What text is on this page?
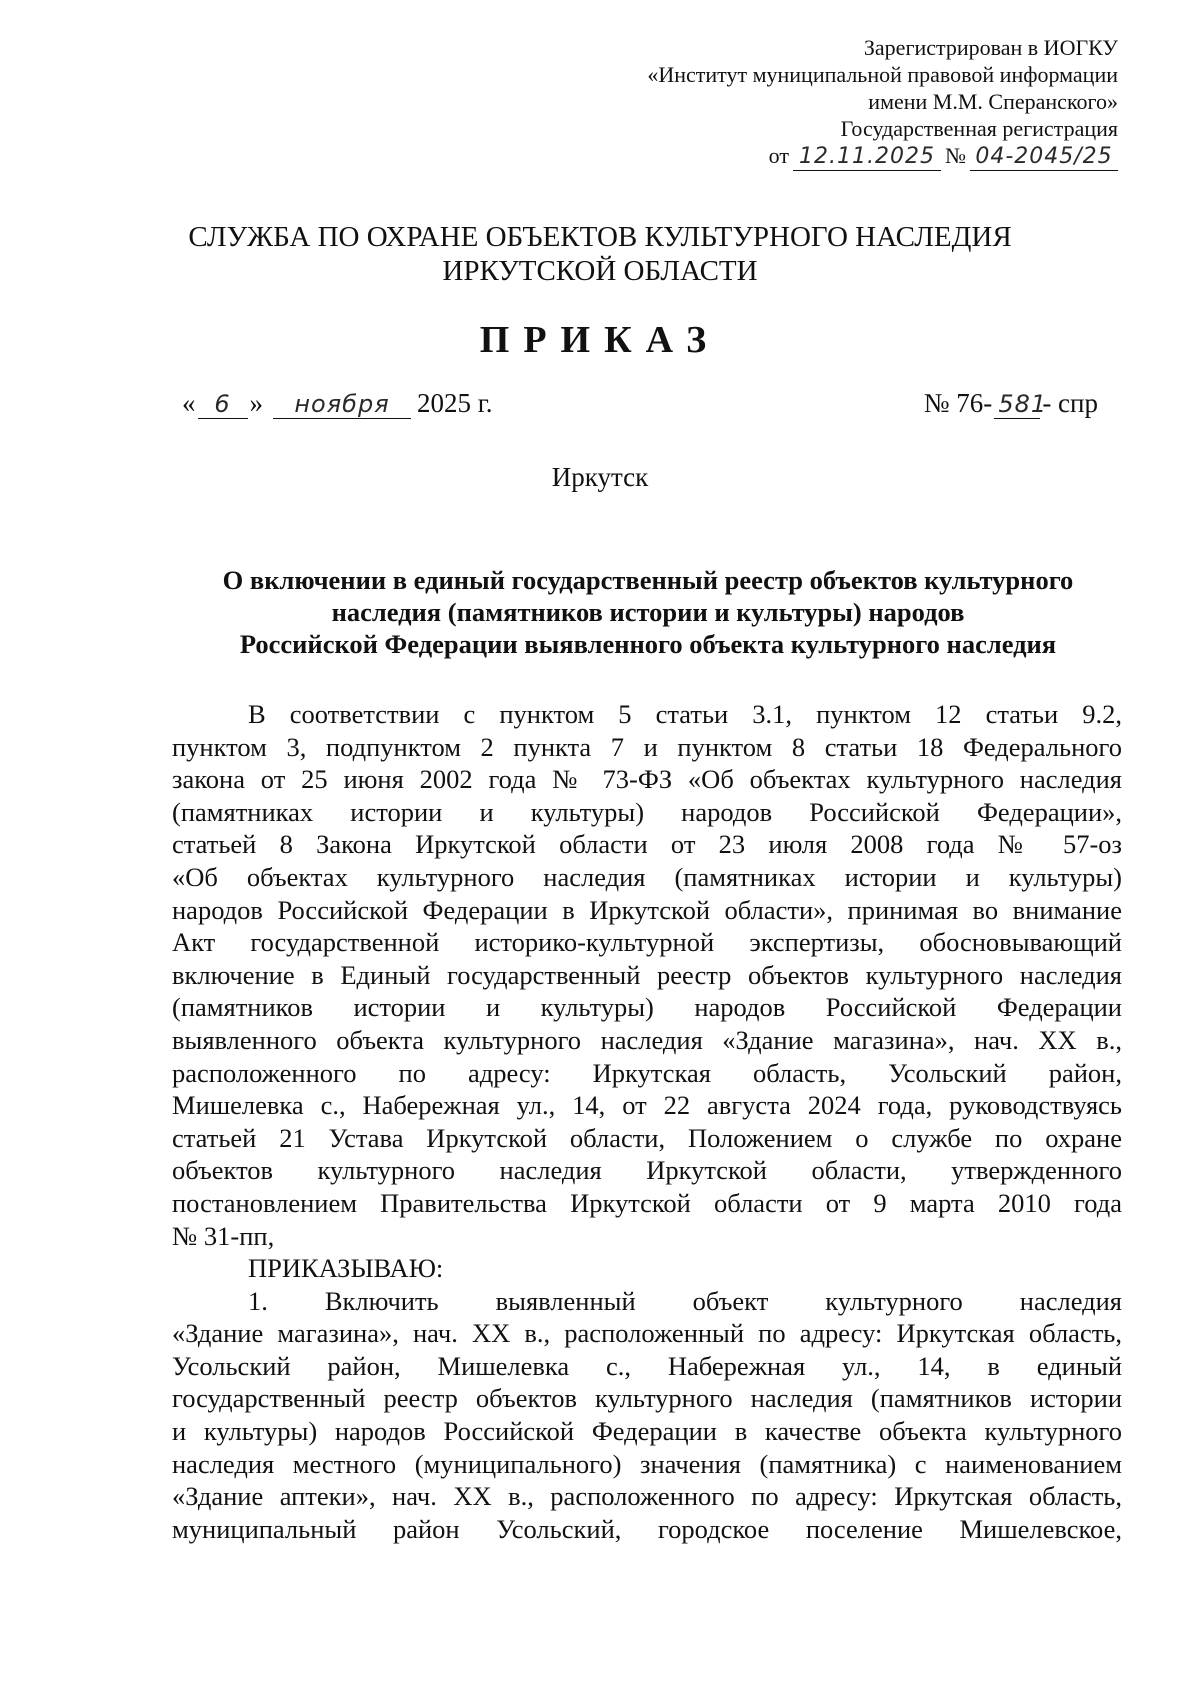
Зарегистрирован в ИОГКУ
«Институт муниципальной правовой информации
имени М.М. Сперанского»
Государственная регистрация
от 12.11.2025 № 04-2045/25
СЛУЖБА ПО ОХРАНЕ ОБЪЕКТОВ КУЛЬТУРНОГО НАСЛЕДИЯ
ИРКУТСКОЙ ОБЛАСТИ
ПРИКАЗ
« 6 »	ноября	2025 г.	№ 76- 581
- спр
Иркутск
О включении в единый государственный реестр объектов культурного
наследия (памятников истории и культуры) народов
Российской Федерации выявленного объекта культурного наследия
В соответствии с пунктом 5 статьи 3.1, пунктом 12 статьи 9.2,
пунктом 3, подпунктом 2 пункта 7 и пунктом 8 статьи 18 Федерального
закона от 25 июня 2002 года № 73-ФЗ «Об объектах культурного наследия
(памятниках истории и культуры) народов Российской Федерации»,
статьей 8 Закона Иркутской области от 23 июля 2008 года № 57-оз
«Об объектах культурного наследия (памятниках истории и культуры)
народов Российской Федерации в Иркутской области», принимая во внимание
Акт государственной историко-культурной экспертизы, обосновывающий
включение в Единый государственный реестр объектов культурного наследия
(памятников истории и культуры) народов Российской Федерации
выявленного объекта культурного наследия «Здание магазина», нач. XX в.,
расположенного по адресу: Иркутская область, Усольский район,
Мишелевка с., Набережная ул., 14, от 22 августа 2024 года, руководствуясь
статьей 21 Устава Иркутской области, Положением о службе по охране
объектов культурного наследия Иркутской области, утвержденного
постановлением Правительства Иркутской области от 9 марта 2010 года
№ 31-пп,
ПРИКАЗЫВАЮ:
1. Включить выявленный объект культурного наследия
«Здание магазина», нач. XX в., расположенный по адресу: Иркутская область,
Усольский район, Мишелевка с., Набережная ул., 14, в единый
государственный реестр объектов культурного наследия (памятников истории
и культуры) народов Российской Федерации в качестве объекта культурного
наследия местного (муниципального) значения (памятника) с наименованием
«Здание аптеки», нач. XX в., расположенного по адресу: Иркутская область,
муниципальный район Усольский, городское поселение Мишелевское,
